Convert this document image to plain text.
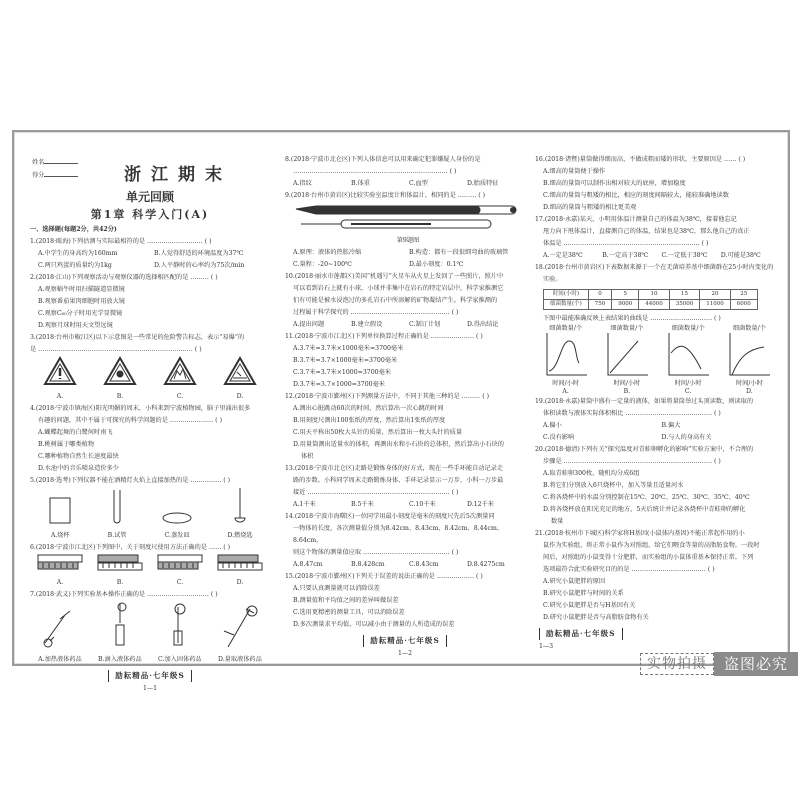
姓名
得分	浙江期末
单元回顾
第1章 科学入门(A)
一、选择题(每题2分，共42分)
1.(2018·瓯海)下列估测与实际最相符的是 ……………………… ( )
A.中学生的身高约为160mm	B.人觉得舒适的环境温度为37℃
C.两只鸡蛋的质量约为1kg	D.人平静时的心率约为75次/min
2.(2018·江山)下列观察活动与观察仪器的选择相匹配的是 ……… ( )
A.观察蜗牛时用扫描隧道显微镜
B.观察番茄果肉细胞时用放大镜
C.观察C₆₀分子时用光学显微镜
D.观察月球时用天文望远镜
3.(2018·台州市椒江区)以下示意图是一些常见的危险警告标志，表示“易爆”的
是 ………………………………………………………………… ( )
A.	B.	C.	D.
4.(2018·宁波市镇海区)阳光明媚的周末，小科来到宁波植物园，脑子里涌出很多
有趣的问题，其中不属于可探究的科学问题的是 ………………… ( )
A.蝴蝶起舞的白鹭何时南飞
B.桃树属于哪类植物
C.哪种植物自然生长速度最快
D.水池中的音乐喷泉造价多少
5.(2018·选考)下列仪器不能在酒精灯火焰上直接加热的是 …………… ( )
A.烧杯	B.试管	C.蒸发皿	D.燃烧匙
6.(2018·宁波市江北区)下列图中，关于刻度尺使用方法正确的是 …… ( )
A.	B.	C.	D.
7.(2018·武义)下列实验基本操作正确的是 ………………………… ( )
A.加热液体药品	B.滴入液体药品	C.加入固体药品	D.量取液体药品
励耘精品·七年级S
1—1
8.(2018·宁波市北仑区)下列人体信息可以用来确定犯罪嫌疑人身份的是
………………………………………………………………… ( )
A.指纹	B.体重	C.血型	D.胎质特征
9.(2018·台州市黄岩区)比较实验室温度计和体温计，相同的是 ……… ( )
第9题图
A.原理：液体的热胀冷缩	B.构造：都有一段很细弯曲的玻璃管
C.量程：-20~100℃	D.最小刻度：0.1℃
10.(2018·丽水市莲都区)美国“机遇号”火星车从火星上发回了一些照片，照片中
可以看到岩石上就有小球，小球并非集中在岩石的特定岩层中，科学家推测它
们有可能是被水浸泡过的多孔岩石中所溶解的矿物凝结产生。科学家推测的
过程属于科学探究的 ………………………………………… ( )
A.提出问题	B.建立假设	C.制订计划	D.得出结论
11.(2018·宁波市江北区)下列单位换算过程正确的是 ………………… ( )
A.3.7米=3.7米×1000毫米=3700毫米
B.3.7米=3.7×1000毫米=3700毫米
C.3.7米=3.7米×1000=3700毫米
D.3.7米=3.7×1000=3700毫米
12.(2018·宁波市鄞州区)下列测量方法中，不同于其他三种的是 ……… ( )
A.测出心脏跳动60次的时间，然后算出一次心跳的时间
B.用刻度尺测出100张纸的厚度，然后算出1张纸的厚度
C.用天平称出50枚大头针的质量，然后算出一枚大头针的质量
D.用量筒测出适量水的体积，再测出水和小石块的总体积，然后算出小石块的
体积
13.(2018·宁波市北仑区)走路是锻炼身体的好方式，现在一些手环能自动记录走
路的步数。小科同学周末走路锻炼身体，手环记录显示一万步，小科一万步最
接近 …………………………………………………………… ( )
A.1千米	B.5千米	C.10千米	D.12千米
14.(2018·宁波市海曙区)一位同学用最小刻度是毫米的刻度尺先后5次测量同
一物体的长度，各次测量值分别为8.42cm、8.43cm、8.42cm、8.44cm、8.64cm，
则这个物体的测量值应取 …………………………………… ( )
A.8.47cm	B.8.428cm	C.8.43cm	D.8.4275cm
15.(2018·宁波市鄞州区)下列关于误差的说法正确的是 ……………… ( )
A.只要认真测量就可以消除误差
B.测量值和平均值之间的差异叫做误差
C.选用更精密的测量工具，可以消除误差
D.多次测量求平均值，可以减小由于测量的人所造成的误差
励耘精品·七年级S
1—2
16.(2018·诸暨)量筒做得细而高，不做成粗而矮的形状，主要原因是 …… ( )
A.细高的量筒便于操作
B.细高的量筒可以制作出相对较大的底座，增加稳度
C.细高的量筒与粗矮的相比，相应的刻度间隔较大，能较准确地读数
D.细高的量筒与粗矮的相比更美观
17.(2018·永嘉)某天，小明用体温计测量自己的体温为38℃，接着他忘记
甩力向下甩体温计，直接测自己的体温，结果也是38℃，那么他自己的真正
体温是 ………………………………………………………… ( )
A.一定是38℃	B.一定高于38℃	C.一定低于38℃	D.可能是38℃
18.(2018·台州市黄岩区)下表数据来源于一个在无菌培养基中细菌群在25小时内变化的
实验。
时间(小时)	0	5	10	15	20	25
细菌数量(个)	750	9000	44000	35000	11000	6000
下图中最能准确反映上表结果的曲线是 ………………………… ( )
细菌数量/个
时间/小时
A.
细菌数量/个
时间/小时
B.
细菌数量/个
时间/小时
C.
细菌数量/个
时间/小时
D.
19.(2018·永嘉)量筒中盛有一定量的液体，如果将量筒举过头顶读数，则读取的
体积读数与液体实际体积相比 …………………………………… ( )
A.偏小	B.偏大
C.没有影响	D.与人的身高有关
20.(2018·德清)下列有关“探究温度对青蛙卵孵化的影响”实验方案中，不合理的
步骤是 ……………………………………………………………… ( )
A.取青蛙卵300枚，随机均分成6组
B.将它们分别放入6只烧杯中，加入等量且适量河水
C.将各烧杯中的水温分别控制在15℃、20℃、25℃、30℃、35℃、40℃
D.将各烧杯放在阳光充足的地方，5天后统计并记录各烧杯中青蛙卵的孵化
数量
21.(2018·杭州市下城区)科学家将H基因(小鼠体内基因)不能正常起作用的小
鼠作为实验组，将正常小鼠作为对照组，给它们喂食等量的高脂肪食物。一段时
间后，对照组的小鼠变得十分肥胖，而实验组的小鼠体重基本保持正常。下列
选项最符合此实验研究目的的是 ……………………………… ( )
A.研究小鼠肥胖的原因
B.研究小鼠肥胖与时间的关系
C.研究小鼠肥胖是否与H基因有关
D.研究小鼠肥胖是否与高脂肪食物有关
励耘精品·七年级S
1—3
实物拍摄	盗图必究
